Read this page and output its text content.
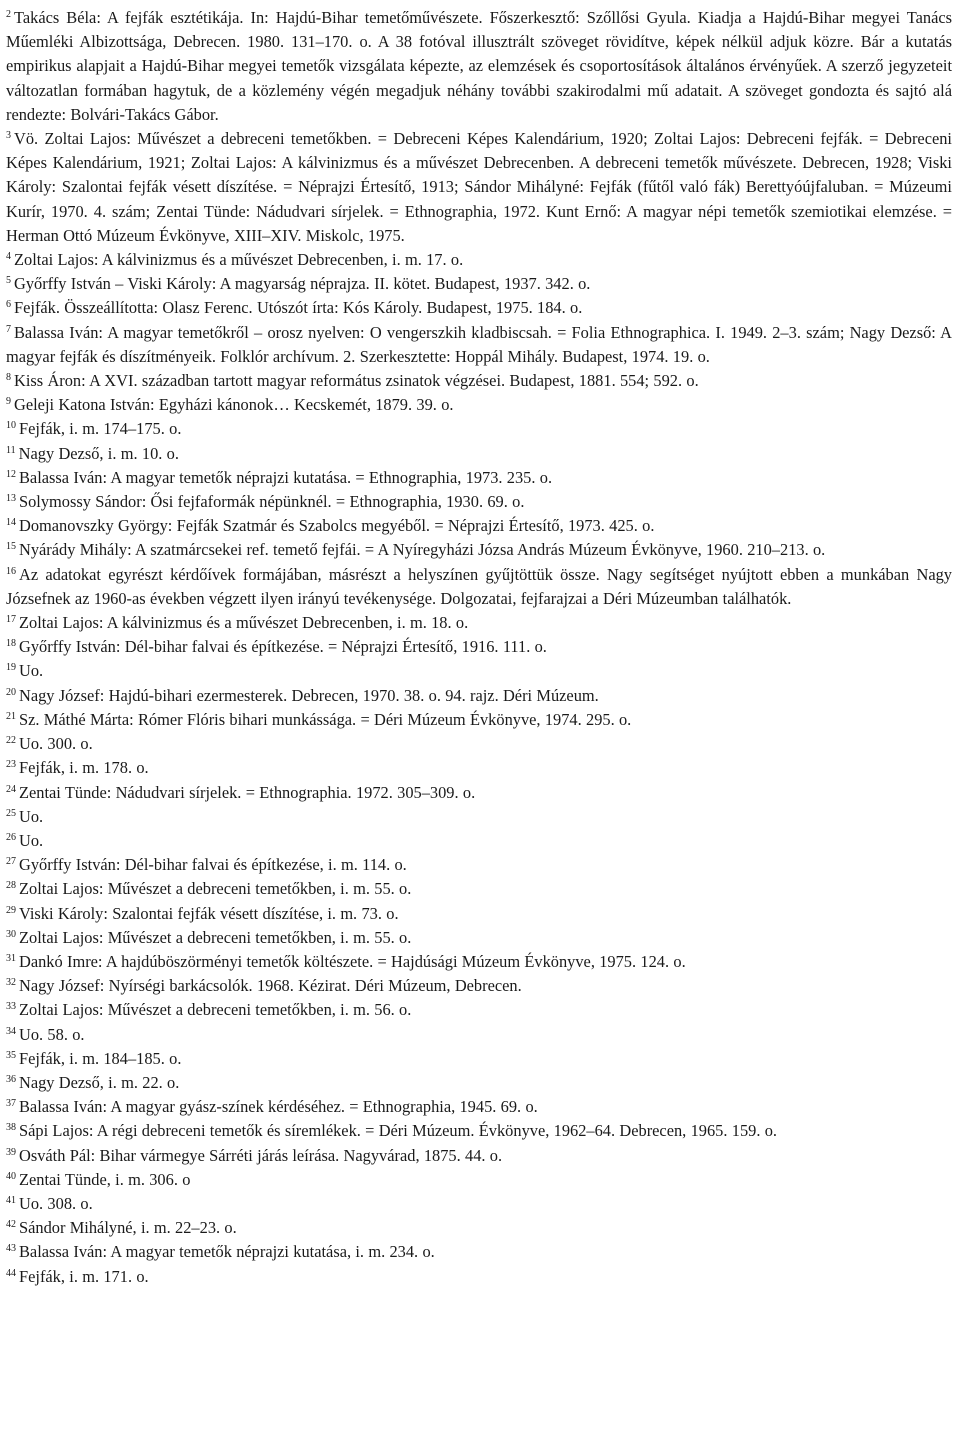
$^2$ Takács Béla: A fejfák esztétikája. In: Hajdú-Bihar temetőművészete. Főszerkesztő: Szőllősi Gyula. Kiadja a Hajdú-Bihar megyei Tanács Műemléki Albizottsága, Debrecen. 1980. 131–170. o. A 38 fotóval illusztrált szöveget rövidítve, képek nélkül adjuk közre. Bár a kutatás empirikus alapjait a Hajdú-Bihar megyei temetők vizsgálata képezte, az elemzések és csoportosítások általános érvényűek. A szerző jegyzeteit változatlan formában hagytuk, de a közlemény végén megadjuk néhány további szakirodalmi mű adatait. A szöveget gondozta és sajtó alá rendezte: Bolvári-Takács Gábor.

$^3$ Vö. Zoltai Lajos: Művészet a debreceni temetőkben. = Debreceni Képes Kalendárium, 1920; Zoltai Lajos: Debreceni fejfák. = Debreceni Képes Kalendárium, 1921; Zoltai Lajos: A kálvinizmus és a művészet Debrecenben. A debreceni temetők művészete. Debrecen, 1928; Viski Károly: Szalontai fejfák vésett díszítése. = Néprajzi Értesítő, 1913; Sándor Mihályné: Fejfák (fűtől való fák) Berettyóújfaluban. = Múzeumi Kurír, 1970. 4. szám; Zentai Tünde: Nádudvari sírjelek. = Ethnographia, 1972. Kunt Ernő: A magyar népi temetők szemiotikai elemzése. = Herman Ottó Múzeum Évkönyve, XIII–XIV. Miskolc, 1975.

$^4$ Zoltai Lajos: A kálvinizmus és a művészet Debrecenben, i. m. 17. o.

$^5$ Győrffy István – Viski Károly: A magyarság néprajza. II. kötet. Budapest, 1937. 342. o.

$^6$ Fejfák. Összeállította: Olasz Ferenc. Utószót írta: Kós Károly. Budapest, 1975. 184. o.

$^7$ Balassa Iván: A magyar temetőkről – orosz nyelven: O vengerszkih kladbiscsah. = Folia Ethnographica. I. 1949. 2–3. szám; Nagy Dezső: A magyar fejfák és díszítményeik. Folklór archívum. 2. Szerkesztette: Hoppál Mihály. Budapest, 1974. 19. o.

$^8$ Kiss Áron: A XVI. században tartott magyar református zsinatok végzései. Budapest, 1881. 554; 592. o.

$^9$ Geleji Katona István: Egyházi kánonok… Kecskemét, 1879. 39. o.

$^{10}$ Fejfák, i. m. 174–175. o.

$^{11}$ Nagy Dezső, i. m. 10. o.

$^{12}$ Balassa Iván: A magyar temetők néprajzi kutatása. = Ethnographia, 1973. 235. o.

$^{13}$ Solymossy Sándor: Ősi fejfaformák népünknél. = Ethnographia, 1930. 69. o.

$^{14}$ Domanovszky György: Fejfák Szatmár és Szabolcs megyéből. = Néprajzi Értesítő, 1973. 425. o.

$^{15}$ Nyárády Mihály: A szatmárcsekei ref. temető fejfái. = A Nyíregyházi Józsa András Múzeum Évkönyve, 1960. 210–213. o.

$^{16}$ Az adatokat egyrészt kérdőívek formájában, másrészt a helyszínen gyűjtöttük össze. Nagy segítséget nyújtott ebben a munkában Nagy Józsefnek az 1960-as években végzett ilyen irányú tevékenysége. Dolgozatai, fejfarajzai a Déri Múzeumban találhatók.

$^{17}$ Zoltai Lajos: A kálvinizmus és a művészet Debrecenben, i. m. 18. o.

$^{18}$ Győrffy István: Dél-bihar falvai és építkezése. = Néprajzi Értesítő, 1916. 111. o.

$^{19}$ Uo.

$^{20}$ Nagy József: Hajdú-bihari ezermesterek. Debrecen, 1970. 38. o. 94. rajz. Déri Múzeum.

$^{21}$ Sz. Máthé Márta: Rómer Flóris bihari munkássága. = Déri Múzeum Évkönyve, 1974. 295. o.

$^{22}$ Uo. 300. o.

$^{23}$ Fejfák, i. m. 178. o.

$^{24}$ Zentai Tünde: Nádudvari sírjelek. = Ethnographia. 1972. 305–309. o.

$^{25}$ Uo.

$^{26}$ Uo.

$^{27}$ Győrffy István: Dél-bihar falvai és építkezése, i. m. 114. o.

$^{28}$ Zoltai Lajos: Művészet a debreceni temetőkben, i. m. 55. o.

$^{29}$ Viski Károly: Szalontai fejfák vésett díszítése, i. m. 73. o.

$^{30}$ Zoltai Lajos: Művészet a debreceni temetőkben, i. m. 55. o.

$^{31}$ Dankó Imre: A hajdúböszörményi temetők költészete. = Hajdúsági Múzeum Évkönyve, 1975. 124. o.

$^{32}$ Nagy József: Nyírségi barkácsolók. 1968. Kézirat. Déri Múzeum, Debrecen.

$^{33}$ Zoltai Lajos: Művészet a debreceni temetőkben, i. m. 56. o.

$^{34}$ Uo. 58. o.

$^{35}$ Fejfák, i. m. 184–185. o.

$^{36}$ Nagy Dezső, i. m. 22. o.

$^{37}$ Balassa Iván: A magyar gyász-színek kérdéséhez. = Ethnographia, 1945. 69. o.

$^{38}$ Sápi Lajos: A régi debreceni temetők és síremlékek. = Déri Múzeum. Évkönyve, 1962–64. Debrecen, 1965. 159. o.

$^{39}$ Osváth Pál: Bihar vármegye Sárréti járás leírása. Nagyvárad, 1875. 44. o.

$^{40}$ Zentai Tünde, i. m. 306. o

$^{41}$ Uo. 308. o.

$^{42}$ Sándor Mihályné, i. m. 22–23. o.

$^{43}$ Balassa Iván: A magyar temetők néprajzi kutatása, i. m. 234. o.

$^{44}$ Fejfák, i. m. 171. o.
